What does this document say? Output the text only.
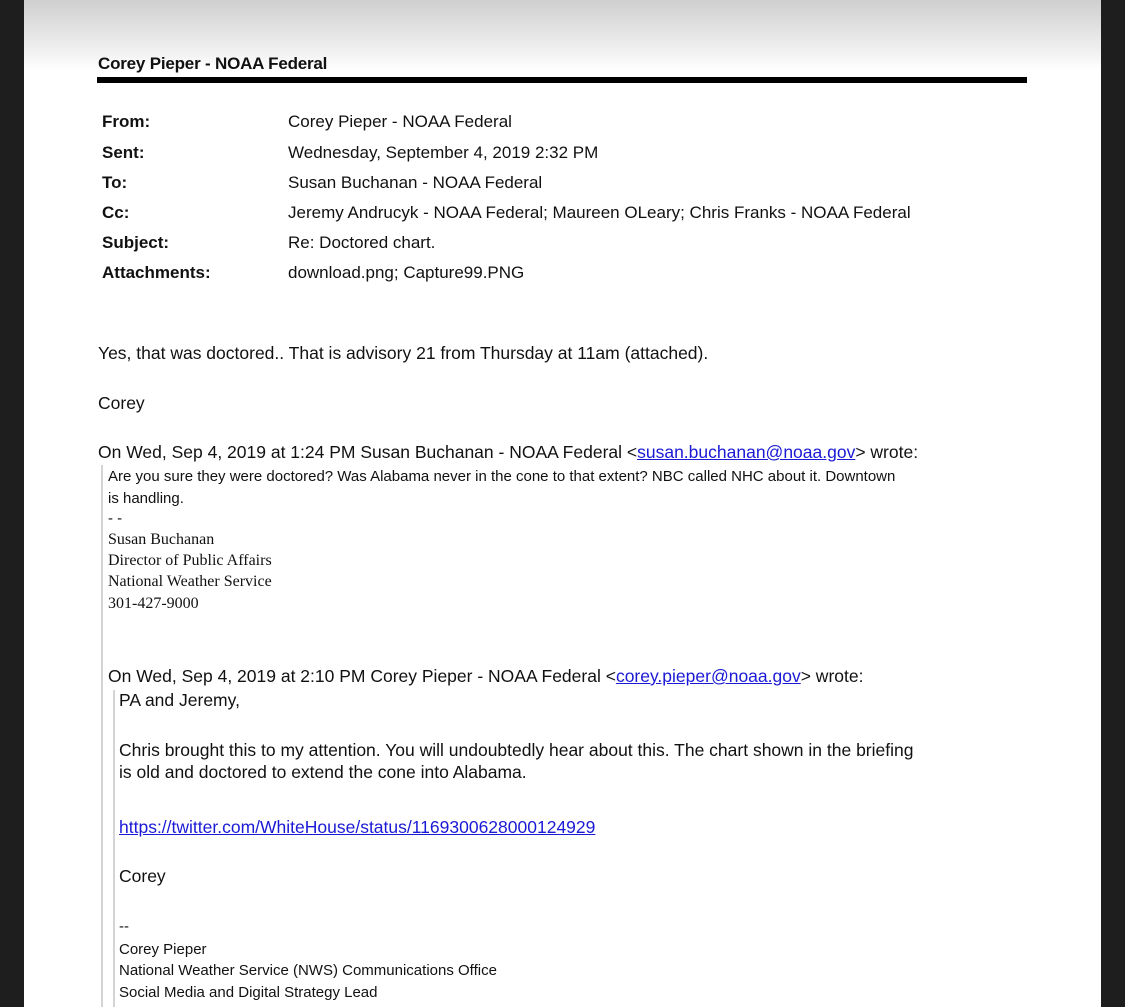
Corey Pieper - NOAA Federal
From:	Corey Pieper - NOAA Federal
Sent:	Wednesday, September 4, 2019 2:32 PM
To:	Susan Buchanan - NOAA Federal
Cc:	Jeremy Andrucyk - NOAA Federal; Maureen OLeary; Chris Franks - NOAA Federal
Subject:	Re: Doctored chart.
Attachments:	download.png; Capture99.PNG
Yes, that was doctored.. That is advisory 21 from Thursday at 11am (attached).
Corey
On Wed, Sep 4, 2019 at 1:24 PM Susan Buchanan - NOAA Federal <susan.buchanan@noaa.gov> wrote:
Are you sure they were doctored? Was Alabama never in the cone to that extent? NBC called NHC about it. Downtown
is handling.
- -
Susan Buchanan
Director of Public Affairs
National Weather Service
301-427-9000
On Wed, Sep 4, 2019 at 2:10 PM Corey Pieper - NOAA Federal <corey.pieper@noaa.gov> wrote:
PA and Jeremy,
Chris brought this to my attention. You will undoubtedly hear about this. The chart shown in the briefing
is old and doctored to extend the cone into Alabama.
https://twitter.com/WhiteHouse/status/1169300628000124929
Corey
--
Corey Pieper
National Weather Service (NWS) Communications Office
Social Media and Digital Strategy Lead
